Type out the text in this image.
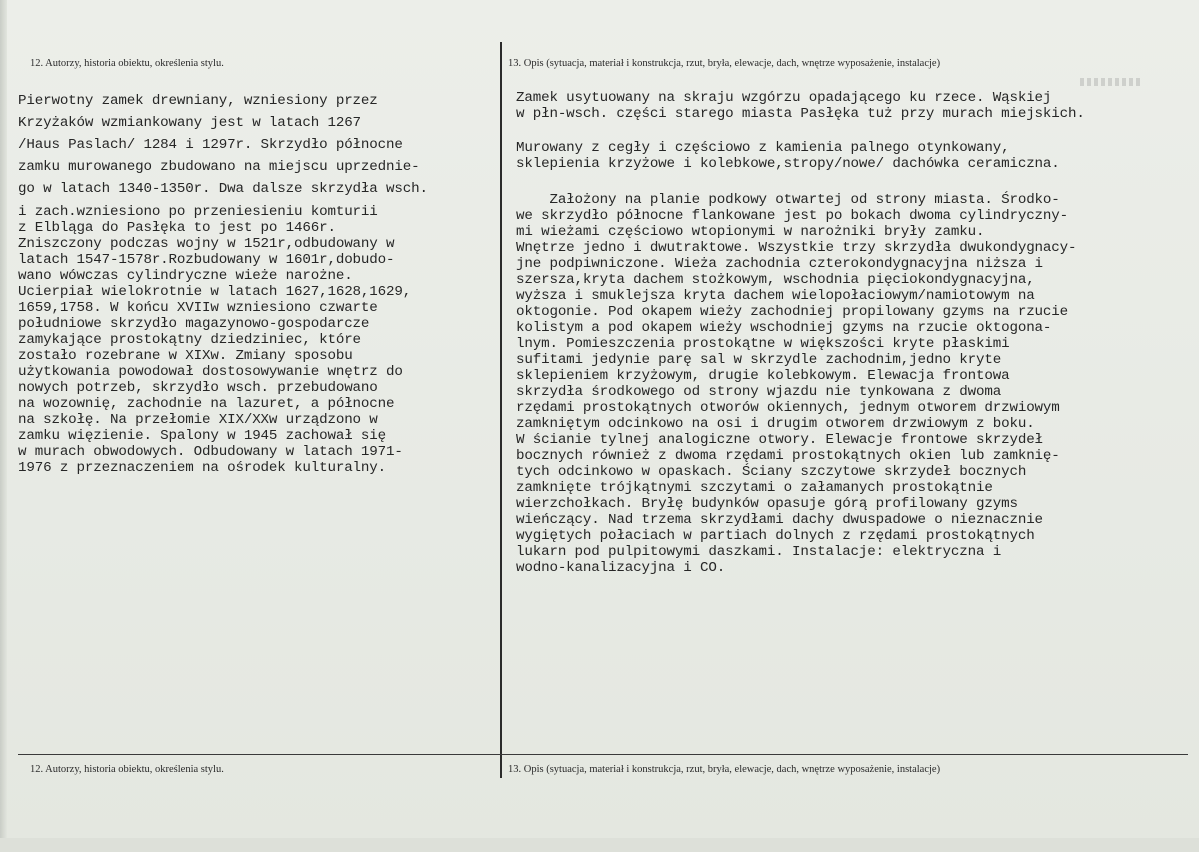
12. Autorzy, historia obiektu, określenia stylu.	13. Opis (sytuacja, materiał i konstrukcja, rzut, bryła, elewacje, dach, wnętrze wyposażenie, instalacje)
Pierwotny zamek drewniany, wzniesiony przez
Krzyżaków wzmiankowany jest w latach 1267
/Haus Paslach/ 1284 i 1297r. Skrzydło północne
zamku murowanego zbudowano na miejscu uprzednie-
go w latach 1340-1350r. Dwa dalsze skrzydła wsch.
i zach.wzniesiono po przeniesieniu komturii
z Elbląga do Pasłęka to jest po 1466r.
Zniszczony podczas wojny w 1521r,odbudowany w
latach 1547-1578r.Rozbudowany w 1601r,dobudo-
wano wówczas cylindryczne wieże narożne.
Ucierpiał wielokrotnie w latach 1627,1628,1629,
1659,1758. W końcu XVIIw wzniesiono czwarte
południowe skrzydło magazynowo-gospodarcze
zamykające prostokątny dziedziniec, które
zostało rozebrane w XIXw. Zmiany sposobu
użytkowania powodował dostosowywanie wnętrz do
nowych potrzeb, skrzydło wsch. przebudowano
na wozownię, zachodnie na lazuret, a północne
na szkołę. Na przełomie XIX/XXw urządzono w
zamku więzienie. Spalony w 1945 zachował się
w murach obwodowych. Odbudowany w latach 1971-
1976 z przeznaczeniem na ośrodek kulturalny.
Zamek usytuowany na skraju wzgórzu opadającego ku rzece. Wąskiej
w płn-wsch. części starego miasta Pasłęka tuż przy murach miejskich.
Murowany z cegły i częściowo z kamienia palnego otynkowany,
sklepienia krzyżowe i kolebkowe,stropy/nowe/ dachówka ceramiczna.
Założony na planie podkowy otwartej od strony miasta. Środko-
we skrzydło północne flankowane jest po bokach dwoma cylindryczny-
mi wieżami częściowo wtopionymi w narożniki bryły zamku.
Wnętrze jedno i dwutraktowe. Wszystkie trzy skrzydła dwukondygnacy-
jne podpiwniczone. Wieża zachodnia czterokondygnacyjna niższa i
szersza,kryta dachem stożkowym, wschodnia pięciokondygnacyjna,
wyższa i smuklejsza kryta dachem wielopołaciowym/namiotowym na
oktogonie. Pod okapem wieży zachodniej propilowany gzyms na rzucie
kolistym a pod okapem wieży wschodniej gzyms na rzucie oktogona-
lnym. Pomieszczenia prostokątne w większości kryte płaskimi
sufitami jedynie parę sal w skrzydle zachodnim,jedno kryte
sklepieniem krzyżowym, drugie kolebkowym. Elewacja frontowa
skrzydła środkowego od strony wjazdu nie tynkowana z dwoma
rzędami prostokątnych otworów okiennych, jednym otworem drzwiowym
zamkniętym odcinkowo na osi i drugim otworem drzwiowym z boku.
W ścianie tylnej analogiczne otwory. Elewacje frontowe skrzydeł
bocznych również z dwoma rzędami prostokątnych okien lub zamknię-
tych odcinkowo w opaskach. Ściany szczytowe skrzydeł bocznych
zamknięte trójkątnymi szczytami o załamanych prostokątnie
wierzchołkach. Bryłę budynków opasuje górą profilowany gzyms
wieńczący. Nad trzema skrzydłami dachy dwuspadowe o nieznacznie
wygiętych połaciach w partiach dolnych z rzędami prostokątnych
lukarn pod pulpitowymi daszkami. Instalacje: elektryczna i
wodno-kanalizacyjna i CO.
12. Autorzy, historia obiektu, określenia stylu.	13. Opis (sytuacja, materiał i konstrukcja, rzut, bryła, elewacje, dach, wnętrze wyposażenie, instalacje)
